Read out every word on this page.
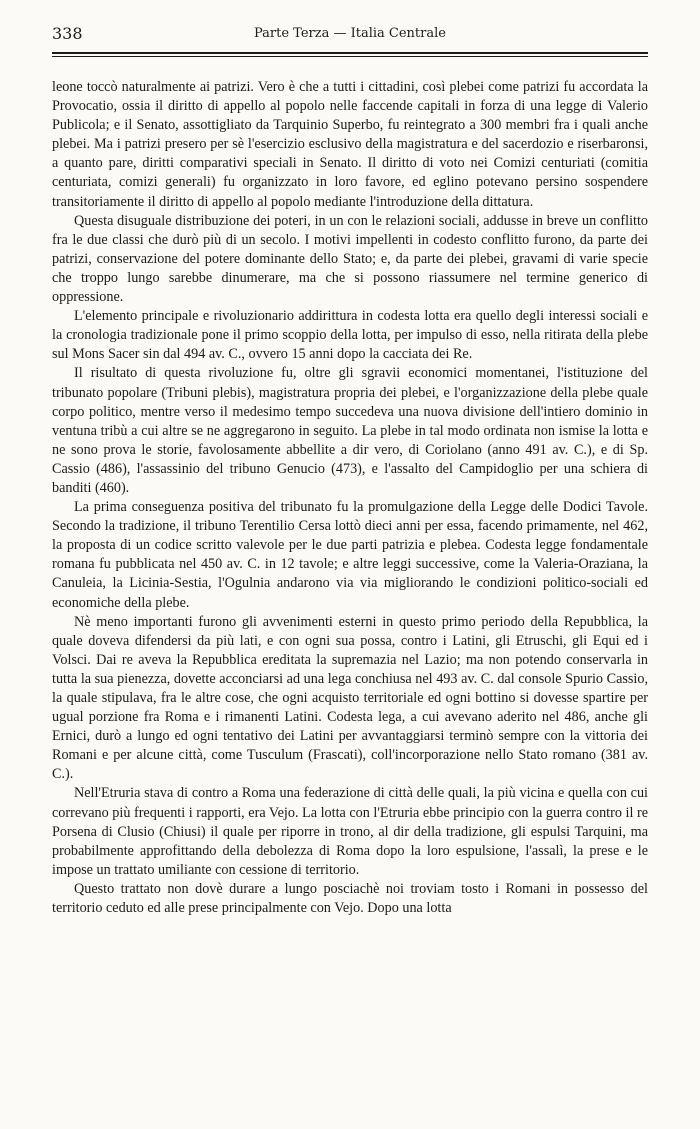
338	Parte Terza — Italia Centrale

leone toccò naturalmente ai patrizi. Vero è che a tutti i cittadini, così plebei come patrizi fu accordata la Provocatio, ossia il diritto di appello al popolo nelle faccende capitali in forza di una legge di Valerio Publicola; e il Senato, assottigliato da Tarquinio Superbo, fu reintegrato a 300 membri fra i quali anche plebei. Ma i patrizi presero per sè l'esercizio esclusivo della magistratura e del sacerdozio e riserbaronsi, a quanto pare, diritti comparativi speciali in Senato. Il diritto di voto nei Comizi centuriati (comitia centuriata, comizi generali) fu organizzato in loro favore, ed eglino potevano persino sospendere transitoriamente il diritto di appello al popolo mediante l'introduzione della dittatura.

Questa disuguale distribuzione dei poteri, in un con le relazioni sociali, addusse in breve un conflitto fra le due classi che durò più di un secolo. I motivi impellenti in codesto conflitto furono, da parte dei patrizi, conservazione del potere dominante dello Stato; e, da parte dei plebei, gravami di varie specie che troppo lungo sarebbe dinumerare, ma che si possono riassumere nel termine generico di oppressione.

L'elemento principale e rivoluzionario addirittura in codesta lotta era quello degli interessi sociali e la cronologia tradizionale pone il primo scoppio della lotta, per impulso di esso, nella ritirata della plebe sul Mons Sacer sin dal 494 av. C., ovvero 15 anni dopo la cacciata dei Re.

Il risultato di questa rivoluzione fu, oltre gli sgravii economici momentanei, l'istituzione del tribunato popolare (Tribuni plebis), magistratura propria dei plebei, e l'organizzazione della plebe quale corpo politico, mentre verso il medesimo tempo succedeva una nuova divisione dell'intiero dominio in ventuna tribù a cui altre se ne aggregarono in seguito. La plebe in tal modo ordinata non ismise la lotta e ne sono prova le storie, favolosamente abbellite a dir vero, di Coriolano (anno 491 av. C.), e di Sp. Cassio (486), l'assassinio del tribuno Genucio (473), e l'assalto del Campidoglio per una schiera di banditi (460).

La prima conseguenza positiva del tribunato fu la promulgazione della Legge delle Dodici Tavole. Secondo la tradizione, il tribuno Terentilio Cersa lottò dieci anni per essa, facendo primamente, nel 462, la proposta di un codice scritto valevole per le due parti patrizia e plebea. Codesta legge fondamentale romana fu pubblicata nel 450 av. C. in 12 tavole; e altre leggi successive, come la Valeria-Oraziana, la Canuleia, la Licinia-Sestia, l'Ogulnia andarono via via migliorando le condizioni politico-sociali ed economiche della plebe.

Nè meno importanti furono gli avvenimenti esterni in questo primo periodo della Repubblica, la quale doveva difendersi da più lati, e con ogni sua possa, contro i Latini, gli Etruschi, gli Equi ed i Volsci. Dai re aveva la Repubblica ereditata la supremazia nel Lazio; ma non potendo conservarla in tutta la sua pienezza, dovette acconciarsi ad una lega conchiusa nel 493 av. C. dal console Spurio Cassio, la quale stipulava, fra le altre cose, che ogni acquisto territoriale ed ogni bottino si dovesse spartire per ugual porzione fra Roma e i rimanenti Latini. Codesta lega, a cui avevano aderito nel 486, anche gli Ernici, durò a lungo ed ogni tentativo dei Latini per avvantaggiarsi terminò sempre con la vittoria dei Romani e per alcune città, come Tusculum (Frascati), coll'incorporazione nello Stato romano (381 av. C.).

Nell'Etruria stava di contro a Roma una federazione di città delle quali, la più vicina e quella con cui correvano più frequenti i rapporti, era Vejo. La lotta con l'Etruria ebbe principio con la guerra contro il re Porsena di Clusio (Chiusi) il quale per riporre in trono, al dir della tradizione, gli espulsi Tarquini, ma probabilmente approfittando della debolezza di Roma dopo la loro espulsione, l'assalì, la prese e le impose un trattato umiliante con cessione di territorio.

Questo trattato non dovè durare a lungo posciachè noi troviam tosto i Romani in possesso del territorio ceduto ed alle prese principalmente con Vejo. Dopo una lotta
